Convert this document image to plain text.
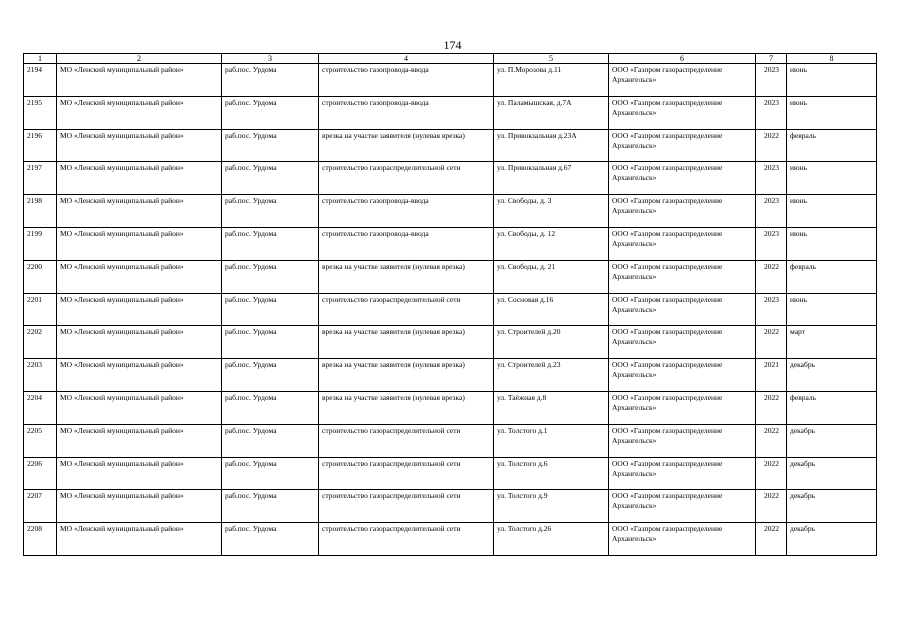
174
1	2	3	4	5	6	7	8
2194	МО «Ленский муниципальный район»	раб.пос. Урдома	строительство газопровода-ввода	ул. П.Морозова д.11	ООО «Газпром газораспределение Архангельск»	2023	июнь
2195	МО «Ленский муниципальный район»	раб.пос. Урдома	строительство газопровода-ввода	ул. Паламышская, д.7А	ООО «Газпром газораспределение Архангельск»	2023	июнь
2196	МО «Ленский муниципальный район»	раб.пос. Урдома	врезка на участке заявителя (нулевая врезка)	ул. Привокзальная д.23А	ООО «Газпром газораспределение Архангельск»	2022	февраль
2197	МО «Ленский муниципальный район»	раб.пос. Урдома	строительство газораспределительной сети	ул. Привокзальная д.67	ООО «Газпром газораспределение Архангельск»	2023	июнь
2198	МО «Ленский муниципальный район»	раб.пос. Урдома	строительство газопровода-ввода	ул. Свободы, д. 3	ООО «Газпром газораспределение Архангельск»	2023	июнь
2199	МО «Ленский муниципальный район»	раб.пос. Урдома	строительство газопровода-ввода	ул. Свободы, д. 12	ООО «Газпром газораспределение Архангельск»	2023	июнь
2200	МО «Ленский муниципальный район»	раб.пос. Урдома	врезка на участке заявителя (нулевая врезка)	ул. Свободы, д. 21	ООО «Газпром газораспределение Архангельск»	2022	февраль
2201	МО «Ленский муниципальный район»	раб.пос. Урдома	строительство газораспределительной сети	ул. Сосновая д.16	ООО «Газпром газораспределение Архангельск»	2023	июнь
2202	МО «Ленский муниципальный район»	раб.пос. Урдома	врезка на участке заявителя (нулевая врезка)	ул. Строителей д.20	ООО «Газпром газораспределение Архангельск»	2022	март
2203	МО «Ленский муниципальный район»	раб.пос. Урдома	врезка на участке заявителя (нулевая врезка)	ул. Строителей д.23	ООО «Газпром газораспределение Архангельск»	2021	декабрь
2204	МО «Ленский муниципальный район»	раб.пос. Урдома	врезка на участке заявителя (нулевая врезка)	ул. Таёжная д.8	ООО «Газпром газораспределение Архангельск»	2022	февраль
2205	МО «Ленский муниципальный район»	раб.пос. Урдома	строительство газораспределительной сети	ул. Толстого д.1	ООО «Газпром газораспределение Архангельск»	2022	декабрь
2206	МО «Ленский муниципальный район»	раб.пос. Урдома	строительство газораспределительной сети	ул. Толстого д.6	ООО «Газпром газораспределение Архангельск»	2022	декабрь
2207	МО «Ленский муниципальный район»	раб.пос. Урдома	строительство газораспределительной сети	ул. Толстого д.9	ООО «Газпром газораспределение Архангельск»	2022	декабрь
2208	МО «Ленский муниципальный район»	раб.пос. Урдома	строительство газораспределительной сети	ул. Толстого д.26	ООО «Газпром газораспределение Архангельск»	2022	декабрь
